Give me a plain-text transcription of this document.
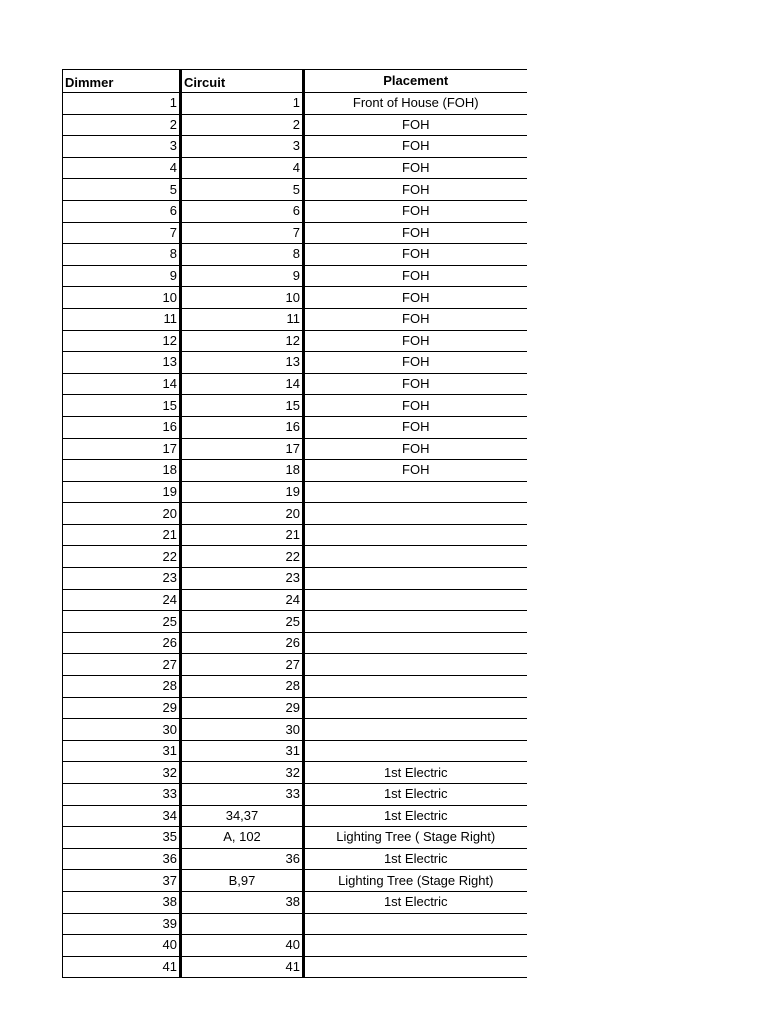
Dimmer	Circuit	Placement
1	1	Front of House (FOH)
2	2	FOH
3	3	FOH
4	4	FOH
5	5	FOH
6	6	FOH
7	7	FOH
8	8	FOH
9	9	FOH
10	10	FOH
11	11	FOH
12	12	FOH
13	13	FOH
14	14	FOH
15	15	FOH
16	16	FOH
17	17	FOH
18	18	FOH
19	19	
20	20	
21	21	
22	22	
23	23	
24	24	
25	25	
26	26	
27	27	
28	28	
29	29	
30	30	
31	31	
32	32	1st Electric
33	33	1st Electric
34	34,37	1st Electric
35	A, 102	Lighting Tree ( Stage Right)
36	36	1st Electric
37	B,97	Lighting Tree (Stage Right)
38	38	1st Electric
39		
40	40	
41	41	
